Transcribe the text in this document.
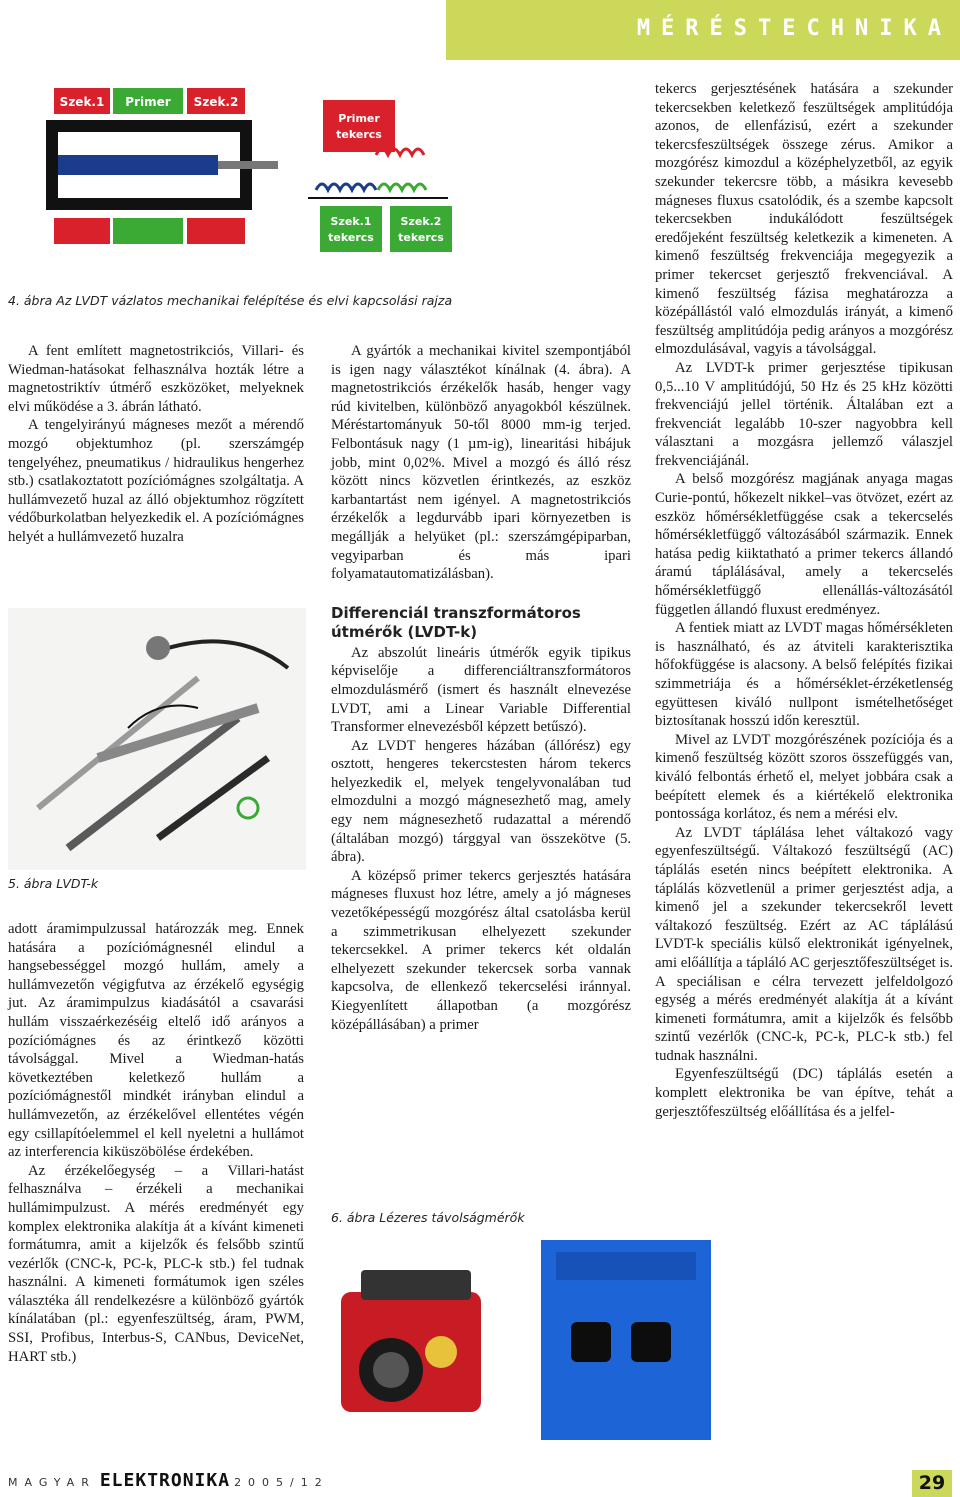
MÉRÉSTECHNIKA
Szek.1 Primer Szek.2
Primer
tekercs
Szek.1
tekercs
Szek.2
tekercs
4. ábra Az LVDT vázlatos mechanikai felépítése és elvi kapcsolási rajza
5. ábra LVDT-k

A fent említett magnetostrikciós, Villari- és Wiedman-hatásokat felhasználva hozták létre a magnetostriktív útmérő eszközöket, melyeknek elvi működése a 3. ábrán látható.

A tengelyirányú mágneses mezőt a mérendő mozgó objektumhoz (pl. szerszámgép tengelyéhez, pneumatikus / hidraulikus hengerhez stb.) csatlakoztatott pozíciómágnes szolgáltatja. A hullámvezető huzal az álló objektumhoz rögzített védőburkolatban helyezkedik el. A pozíciómágnes helyét a hullámvezető huzalra

adott áramimpulzussal határozzák meg. Ennek hatására a pozíciómágnesnél elindul a hangsebességgel mozgó hullám, amely a hullámvezetőn végigfutva az érzékelő egységig jut. Az áramimpulzus kiadásától a csavarási hullám visszaérkezéséig eltelő idő arányos a pozíciómágnes és az érintkező közötti távolsággal. Mivel a Wiedman-hatás következtében keletkező hullám a pozíciómágnestől mindkét irányban elindul a hullámvezetőn, az érzékelővel ellentétes végén egy csillapítóelemmel el kell nyeletni a hullámot az interferencia kiküszöbölése érdekében.

Az érzékelőegység – a Villari-hatást felhasználva – érzékeli a mechanikai hullámimpulzust. A mérés eredményét egy komplex elektronika alakítja át a kívánt kimeneti formátumra, amit a kijelzők és felsőbb szintű vezérlők (CNC-k, PC-k, PLC-k stb.) fel tudnak használni. A kimeneti formátumok igen széles választéka áll rendelkezésre a különböző gyártók kínálatában (pl.: egyenfeszültség, áram, PWM, SSI, Profibus, Interbus-S, CANbus, DeviceNet, HART stb.)

A gyártók a mechanikai kivitel szempontjából is igen nagy választékot kínálnak (4. ábra). A magnetostrikciós érzékelők hasáb, henger vagy rúd kivitelben, különböző anyagokból készülnek. Méréstartományuk 50-től 8000 mm-ig terjed. Felbontásuk nagy (1 µm-ig), linearitási hibájuk jobb, mint 0,02%. Mivel a mozgó és álló rész között nincs közvetlen érintkezés, az eszköz karbantartást nem igényel. A magnetostrikciós érzékelők a legdurvább ipari környezetben is megállják a helyüket (pl.: szerszámgépiparban, vegyiparban és más ipari folyamatautomatizálásban).

Differenciál transzformátoros útmérők (LVDT-k)

Az abszolút lineáris útmérők egyik tipikus képviselője a differenciáltranszformátoros elmozdulásmérő (ismert és használt elnevezése LVDT, ami a Linear Variable Differential Transformer elnevezésből képzett betűszó).

Az LVDT hengeres házában (állórész) egy osztott, hengeres tekercstesten három tekercs helyezkedik el, melyek tengelyvonalában tud elmozdulni a mozgó mágnesezhető mag, amely egy nem mágnesezhető rudazattal a mérendő (általában mozgó) tárggyal van összekötve (5. ábra).

A középső primer tekercs gerjesztés hatására mágneses fluxust hoz létre, amely a jó mágneses vezetőképességű mozgórész által csatolásba kerül a szimmetrikusan elhelyezett szekunder tekercsekkel. A primer tekercs két oldalán elhelyezett szekunder tekercsek sorba vannak kapcsolva, de ellenkező tekercselési iránnyal. Kiegyenlített állapotban (a mozgórész középállásában) a primer

6. ábra Lézeres távolságmérők

tekercs gerjesztésének hatására a szekunder tekercsekben keletkező feszültségek amplitúdója azonos, de ellenfázisú, ezért a szekunder tekercsfeszültségek összege zérus. Amikor a mozgórész kimozdul a középhelyzetből, az egyik szekunder tekercsre több, a másikra kevesebb mágneses fluxus csatolódik, és a szembe kapcsolt tekercsekben indukálódott feszültségek eredőjeként feszültség keletkezik a kimeneten. A kimenő feszültség frekvenciája megegyezik a primer tekercset gerjesztő frekvenciával. A kimenő feszültség fázisa meghatározza a középállástól való elmozdulás irányát, a kimenő feszültség amplitúdója pedig arányos a mozgórész elmozdulásával, vagyis a távolsággal.

Az LVDT-k primer gerjesztése tipikusan 0,5...10 V amplitúdójú, 50 Hz és 25 kHz közötti frekvenciájú jellel történik. Általában ezt a frekvenciát legalább 10-szer nagyobbra kell választani a mozgásra jellemző válaszjel frekvenciájánál.

A belső mozgórész magjának anyaga magas Curie-pontú, hőkezelt nikkel–vas ötvözet, ezért az eszköz hőmérsékletfüggése csak a tekercselés hőmérsékletfüggő változásából származik. Ennek hatása pedig kiiktatható a primer tekercs állandó áramú táplálásával, amely a tekercselés hőmérsékletfüggő ellenállás-változásától független állandó fluxust eredményez.

A fentiek miatt az LVDT magas hőmérsékleten is használható, és az átviteli karakterisztika hőfokfüggése is alacsony. A belső felépítés fizikai szimmetriája és a hőmérséklet-érzéketlenség együttesen kiváló nullpont ismételhetőséget biztosítanak hosszú időn keresztül.

Mivel az LVDT mozgórészének pozíciója és a kimenő feszültség között szoros összefüggés van, kiváló felbontás érhető el, melyet jobbára csak a beépített elemek és a kiértékelő elektronika pontossága korlátoz, és nem a mérési elv.

Az LVDT táplálása lehet váltakozó vagy egyenfeszültségű. Váltakozó feszültségű (AC) táplálás esetén nincs beépített elektronika. A táplálás közvetlenül a primer gerjesztést adja, a kimenő jel a szekunder tekercsekről levett váltakozó feszültség. Ezért az AC táplálású LVDT-k speciális külső elektronikát igényelnek, ami előállítja a tápláló AC gerjesztőfeszültséget is. A speciálisan e célra tervezett jelfeldolgozó egység a mérés eredményét alakítja át a kívánt kimeneti formátumra, amit a kijelzők és felsőbb szintű vezérlők (CNC-k, PC-k, PLC-k stb.) fel tudnak használni.

Egyenfeszültségű (DC) táplálás esetén a komplett elektronika be van építve, tehát a gerjesztőfeszültség előállítása és a jelfel-

MAGYAR ELEKTRONIKA 2005/12	29
